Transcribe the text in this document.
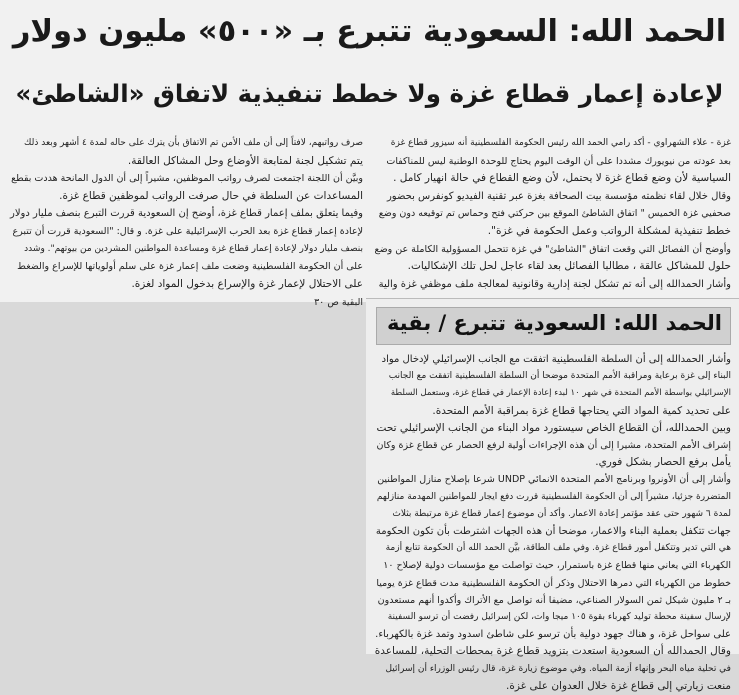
الحمد الله: السعودية تتبرع بـ «٥٠٠» مليون دولار
لإعادة إعمار قطاع غزة ولا خطط تنفيذية لاتفاق «الشاطئ»

غزة - علاء الشهراوي - أكد رامي الحمد الله رئيس الحكومة الفلسطينية أنه سيزور قطاع غزة
بعد عودته من نيويورك مشددا على أن الوقت اليوم يحتاج للوحدة الوطنية ليس للمناكفات
السياسية لأن وضع قطاع غزة لا يحتمل، لأن وضع القطاع في حالة انهيار كامل .
وقال خلال لقاء نظمته مؤسسة بيت الصحافة بغزة عبر تقنية الفيديو كونفرس بحضور
صحفيي غزة الخميس " اتفاق الشاطئ الموقع بين حركتي فتح وحماس تم توقيعه دون وضع
خطط تنفيذية لمشكلة الرواتب وعمل الحكومة في غزة".
وأوضح أن الفصائل التي وقعت اتفاق "الشاطئ" في غزة تتحمل المسؤولية الكاملة عن وضع
حلول للمشاكل عالقة ، مطالبا الفصائل بعد لقاء عاجل لحل تلك الإشكاليات.
وأشار الحمدالله إلى أنه تم تشكل لجنة إدارية وقانونية لمعالجة ملف موظفي غزة والية

صرف رواتبهم، لافتاً إلى أن ملف الأمن تم الاتفاق بأن يترك على حاله لمدة ٤ أشهر وبعد ذلك
يتم تشكيل لجنة لمتابعة الأوضاع وحل المشاكل العالقة.
وبيَّن أن اللجنة اجتمعت لصرف رواتب الموظفين، مشيراً إلى أن الدول المانحة هددت بقطع
المساعدات عن السلطة في حال صرفت الرواتب لموظفين قطاع غزة.
وفيما يتعلق بملف إعمار قطاع غزة، أوضح إن السعودية قررت التبرع بنصف مليار دولار
لإعادة إعمار قطاع غزة بعد الحرب الإسرائيلية على غزة. و قال: "السعودية قررت أن تتبرع
بنصف مليار دولار لإعادة إعمار قطاع غزة ومساعدة المواطنين المشردين من بيوتهم". وشدد
على أن الحكومة الفلسطينية وضعت ملف إعمار غزة على سلم أولوياتها للإسراع والضغط
على الاحتلال لإعمار غزة والإسراع بدخول المواد لغزة.
البقية ص ٣٠

الحمد الله: السعودية تتبرع / بقية

وأشار الحمدالله إلى أن السلطة الفلسطينية اتفقت مع الجانب الإسرائيلي لإدخال مواد
البناء إلى غزة برعاية ومراقبة الأمم المتحدة موضحا أن السلطة الفلسطينية اتفقت مع الجانب
الإسرائيلي بواسطة الأمم المتحدة في شهر ١٠ لبدء إعادة الإعمار في قطاع غزة، وستعمل السلطة
على تحديد كمية المواد التي يحتاجها قطاع غزة بمراقبة الأمم المتحدة.

وبين الحمدالله، أن القطاع الخاص سيستورد مواد البناء من الجانب الإسرائيلي تحت
إشراف الأمم المتحدة، مشيرا إلى أن هذه الإجراءات أولية لرفع الحصار عن قطاع غزة وكان
يأمل برفع الحصار بشكل فوري.

وأشار إلى أن الأونروا وبرنامج الأمم المتحدة الانمائي UNDP شرعا بإصلاح منازل المواطنين
المتضررة جزئيا، مشيراً إلى أن الحكومة الفلسطينية قررت دفع ايجار للمواطنين المهدمة منازلهم
لمدة ٦ شهور حتى عقد مؤتمر إعادة الاعمار. وأكد أن موضوع إعمار قطاع غزة مرتبطة بثلاث
جهات تتكفل بعملية البناء والاعمار، موضحا أن هذه الجهات اشترطت بأن تكون الحكومة
هي التي تدير وتتكفل أمور قطاع غزة. وفي ملف الطاقة، بيَّن الحمد الله أن الحكومة تتابع أزمة
الكهرباء التي يعاني منها قطاع غزة باستمرار، حيث تواصلت مع مؤسسات دولية لإصلاح ١٠
خطوط من الكهرباء التي دمرها الاحتلال وذكر أن الحكومة الفلسطينية مدت قطاع غزة يوميا
بـ ٢ مليون شيكل ثمن السولار الصناعي، مضيفا أنه تواصل مع الأتراك وأكدوا أنهم مستعدون
لإرسال سفينة محطة توليد كهرباء بقوة ١٠٥ ميجا وات، لكن إسرائيل رفضت أن ترسو السفينة
على سواحل غزة، و هناك جهود دولية بأن ترسو على شاطئ اسدود وتمد غزة بالكهرباء.

وقال الحمدالله أن السعودية استعدت بتزويد قطاع غزة بمحطات التحلية، للمساعدة
في تحلية مياه البحر وإنهاء أزمة المياه. وفي موضوع زيارة غزة، قال رئيس الوزراء أن إسرائيل
منعت زيارتي إلى قطاع غزة خلال العدوان على غزة.
